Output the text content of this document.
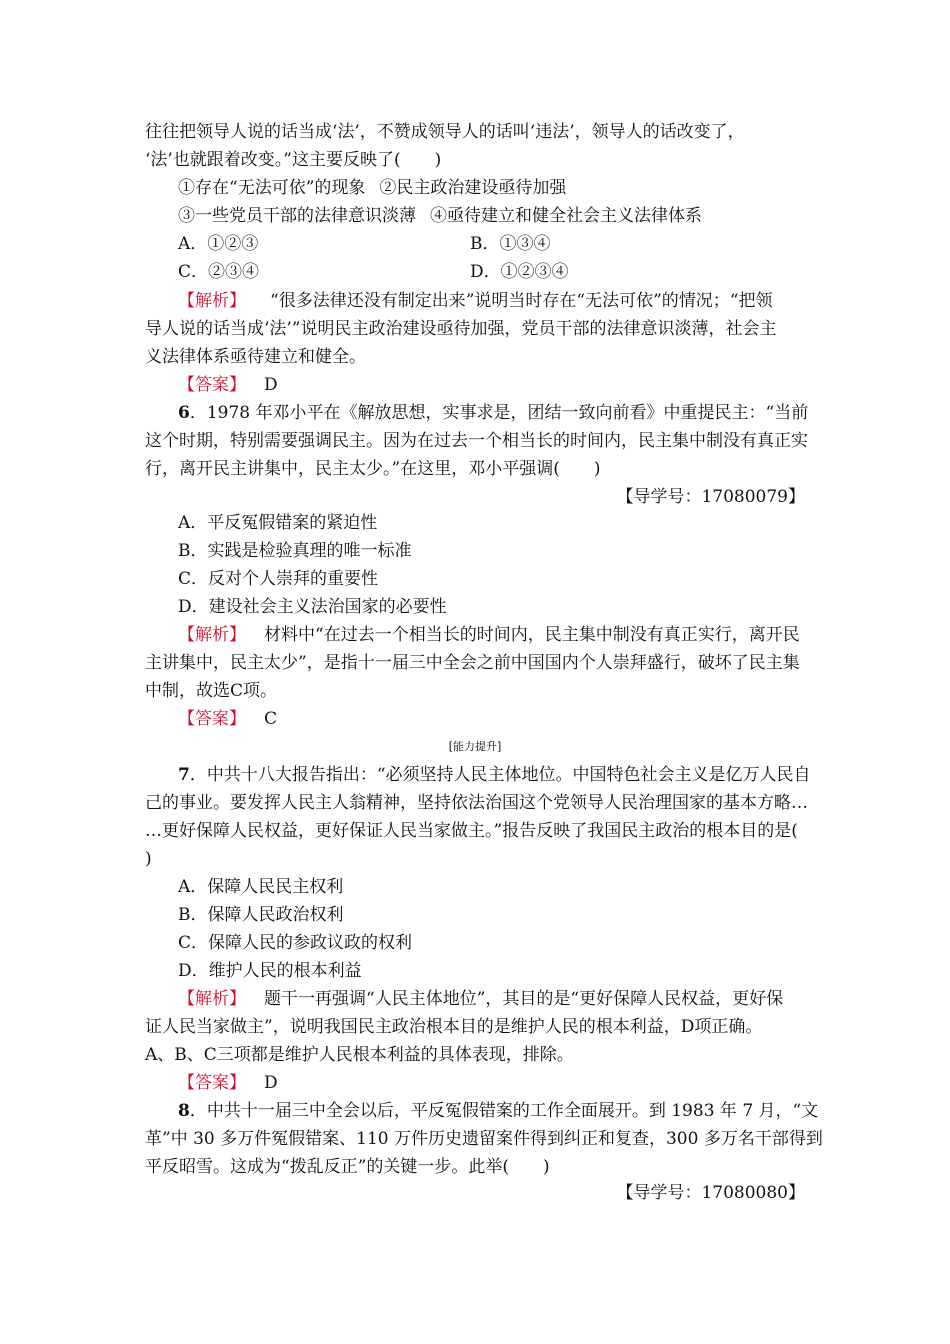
往往把领导人说的话当成‘法’，不赞成领导人的话叫‘违法’，领导人的话改变了，
‘法’也就跟着改变。”这主要反映了(　　)
①存在“无法可依”的现象 ②民主政治建设亟待加强
③一些党员干部的法律意识淡薄 ④亟待建立和健全社会主义法律体系
A．①②③	B．①③④
C．②③④	D．①②③④
【解析】 “很多法律还没有制定出来”说明当时存在“无法可依”的情况；“把领
导人说的话当成‘法’”说明民主政治建设亟待加强，党员干部的法律意识淡薄，社会主
义法律体系亟待建立和健全。
【答案】 D
6．1978 年邓小平在《解放思想，实事求是，团结一致向前看》中重提民主：“当前
这个时期，特别需要强调民主。因为在过去一个相当长的时间内，民主集中制没有真正实
行，离开民主讲集中，民主太少。”在这里，邓小平强调(　　)
【导学号：17080079】
A．平反冤假错案的紧迫性
B．实践是检验真理的唯一标准
C．反对个人崇拜的重要性
D．建设社会主义法治国家的必要性
【解析】 材料中“在过去一个相当长的时间内，民主集中制没有真正实行，离开民
主讲集中，民主太少”，是指十一届三中全会之前中国国内个人崇拜盛行，破坏了民主集
中制，故选C项。
【答案】 C
[能力提升]
7．中共十八大报告指出：“必须坚持人民主体地位。中国特色社会主义是亿万人民自
己的事业。要发挥人民主人翁精神，坚持依法治国这个党领导人民治理国家的基本方略…
…更好保障人民权益，更好保证人民当家做主。”报告反映了我国民主政治的根本目的是(
)
A．保障人民民主权利
B．保障人民政治权利
C．保障人民的参政议政的权利
D．维护人民的根本利益
【解析】 题干一再强调“人民主体地位”，其目的是“更好保障人民权益，更好保
证人民当家做主”，说明我国民主政治根本目的是维护人民的根本利益，D项正确。
A、B、C三项都是维护人民根本利益的具体表现，排除。
【答案】 D
8．中共十一届三中全会以后，平反冤假错案的工作全面展开。到 1983 年 7 月，“文
革”中 30 多万件冤假错案、110 万件历史遗留案件得到纠正和复查，300 多万名干部得到
平反昭雪。这成为“拨乱反正”的关键一步。此举(　　)
【导学号：17080080】
